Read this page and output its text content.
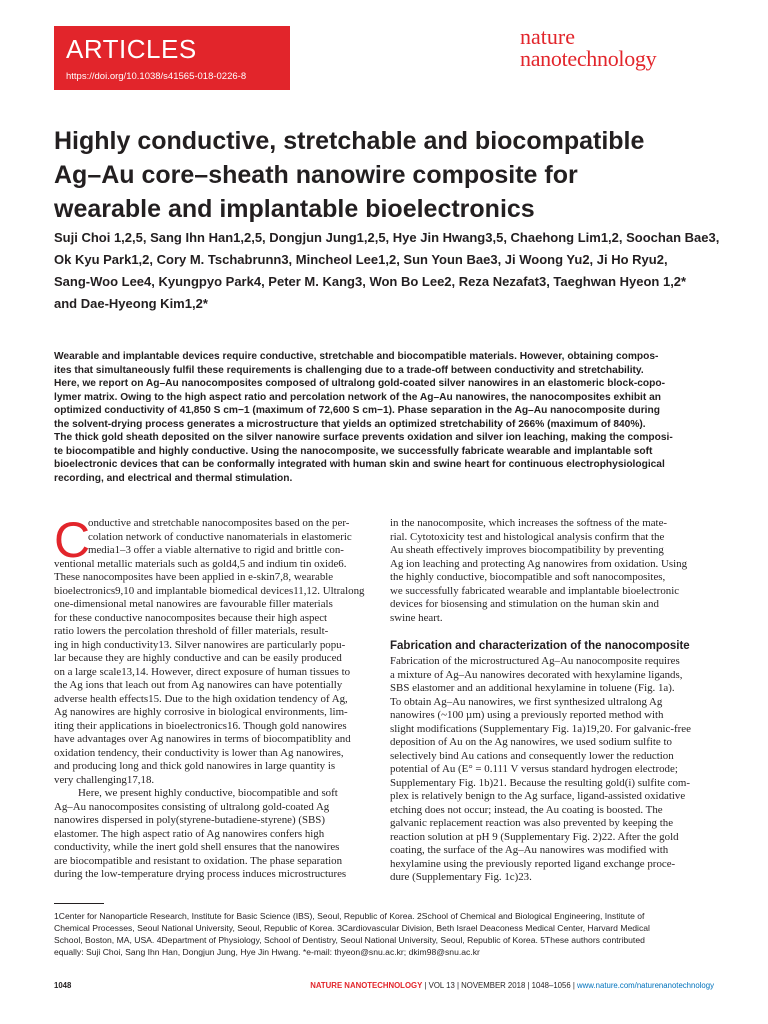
ARTICLES
https://doi.org/10.1038/s41565-018-0226-8
nature
nanotechnology
Highly conductive, stretchable and biocompatible
Ag–Au core–sheath nanowire composite for
wearable and implantable bioelectronics
Suji Choi 1,2,5, Sang Ihn Han1,2,5, Dongjun Jung1,2,5, Hye Jin Hwang3,5, Chaehong Lim1,2, Soochan Bae3,
Ok Kyu Park1,2, Cory M. Tschabrunn3, Mincheol Lee1,2, Sun Youn Bae3, Ji Woong Yu2, Ji Ho Ryu2,
Sang-Woo Lee4, Kyungpyo Park4, Peter M. Kang3, Won Bo Lee2, Reza Nezafat3, Taeghwan Hyeon 1,2*
and Dae-Hyeong Kim1,2*
Wearable and implantable devices require conductive, stretchable and biocompatible materials. However, obtaining compos-
ites that simultaneously fulfil these requirements is challenging due to a trade-off between conductivity and stretchability.
Here, we report on Ag–Au nanocomposites composed of ultralong gold-coated silver nanowires in an elastomeric block-copo-
lymer matrix. Owing to the high aspect ratio and percolation network of the Ag–Au nanowires, the nanocomposites exhibit an
optimized conductivity of 41,850 S cm−1 (maximum of 72,600 S cm−1). Phase separation in the Ag–Au nanocomposite during
the solvent-drying process generates a microstructure that yields an optimized stretchability of 266% (maximum of 840%).
The thick gold sheath deposited on the silver nanowire surface prevents oxidation and silver ion leaching, making the composi-
te biocompatible and highly conductive. Using the nanocomposite, we successfully fabricate wearable and implantable soft
bioelectronic devices that can be conformally integrated with human skin and swine heart for continuous electrophysiological
recording, and electrical and thermal stimulation.
C
onductive and stretchable nanocomposites based on the per-
colation network of conductive nanomaterials in elastomeric
media1–3 offer a viable alternative to rigid and brittle con-
ventional metallic materials such as gold4,5 and indium tin oxide6.
These nanocomposites have been applied in e-skin7,8, wearable
bioelectronics9,10 and implantable biomedical devices11,12. Ultralong
one-dimensional metal nanowires are favourable filler materials
for these conductive nanocomposites because their high aspect
ratio lowers the percolation threshold of filler materials, result-
ing in high conductivity13. Silver nanowires are particularly popu-
lar because they are highly conductive and can be easily produced
on a large scale13,14. However, direct exposure of human tissues to
the Ag ions that leach out from Ag nanowires can have potentially
adverse health effects15. Due to the high oxidation tendency of Ag,
Ag nanowires are highly corrosive in biological environments, lim-
iting their applications in bioelectronics16. Though gold nanowires
have advantages over Ag nanowires in terms of biocompatiblity and
oxidation tendency, their conductivity is lower than Ag nanowires,
and producing long and thick gold nanowires in large quantity is
very challenging17,18.
Here, we present highly conductive, biocompatible and soft
Ag–Au nanocomposites consisting of ultralong gold-coated Ag
nanowires dispersed in poly(styrene-butadiene-styrene) (SBS)
elastomer. The high aspect ratio of Ag nanowires confers high
conductivity, while the inert gold shell ensures that the nanowires
are biocompatible and resistant to oxidation. The phase separation
during the low-temperature drying process induces microstructures
in the nanocomposite, which increases the softness of the mate-
rial. Cytotoxicity test and histological analysis confirm that the
Au sheath effectively improves biocompatibility by preventing
Ag ion leaching and protecting Ag nanowires from oxidation. Using
the highly conductive, biocompatible and soft nanocomposites,
we successfully fabricated wearable and implantable bioelectronic
devices for biosensing and stimulation on the human skin and
swine heart.
Fabrication and characterization of the nanocomposite
Fabrication of the microstructured Ag–Au nanocomposite requires
a mixture of Ag–Au nanowires decorated with hexylamine ligands,
SBS elastomer and an additional hexylamine in toluene (Fig. 1a).
To obtain Ag–Au nanowires, we first synthesized ultralong Ag
nanowires (~100 µm) using a previously reported method with
slight modifications (Supplementary Fig. 1a)19,20. For galvanic-free
deposition of Au on the Ag nanowires, we used sodium sulfite to
selectively bind Au cations and consequently lower the reduction
potential of Au (E° = 0.111 V versus standard hydrogen electrode;
Supplementary Fig. 1b)21. Because the resulting gold(i) sulfite com-
plex is relatively benign to the Ag surface, ligand-assisted oxidative
etching does not occur; instead, the Au coating is boosted. The
galvanic replacement reaction was also prevented by keeping the
reaction solution at pH 9 (Supplementary Fig. 2)22. After the gold
coating, the surface of the Ag–Au nanowires was modified with
hexylamine using the previously reported ligand exchange proce-
dure (Supplementary Fig. 1c)23.
1Center for Nanoparticle Research, Institute for Basic Science (IBS), Seoul, Republic of Korea. 2School of Chemical and Biological Engineering, Institute of
Chemical Processes, Seoul National University, Seoul, Republic of Korea. 3Cardiovascular Division, Beth Israel Deaconess Medical Center, Harvard Medical
School, Boston, MA, USA. 4Department of Physiology, School of Dentistry, Seoul National University, Seoul, Republic of Korea. 5These authors contributed
equally: Suji Choi, Sang Ihn Han, Dongjun Jung, Hye Jin Hwang. *e-mail: thyeon@snu.ac.kr; dkim98@snu.ac.kr
1048	NATURE NANOTECHNOLOGY | VOL 13 | NOVEMBER 2018 | 1048–1056 | www.nature.com/naturenanotechnology
